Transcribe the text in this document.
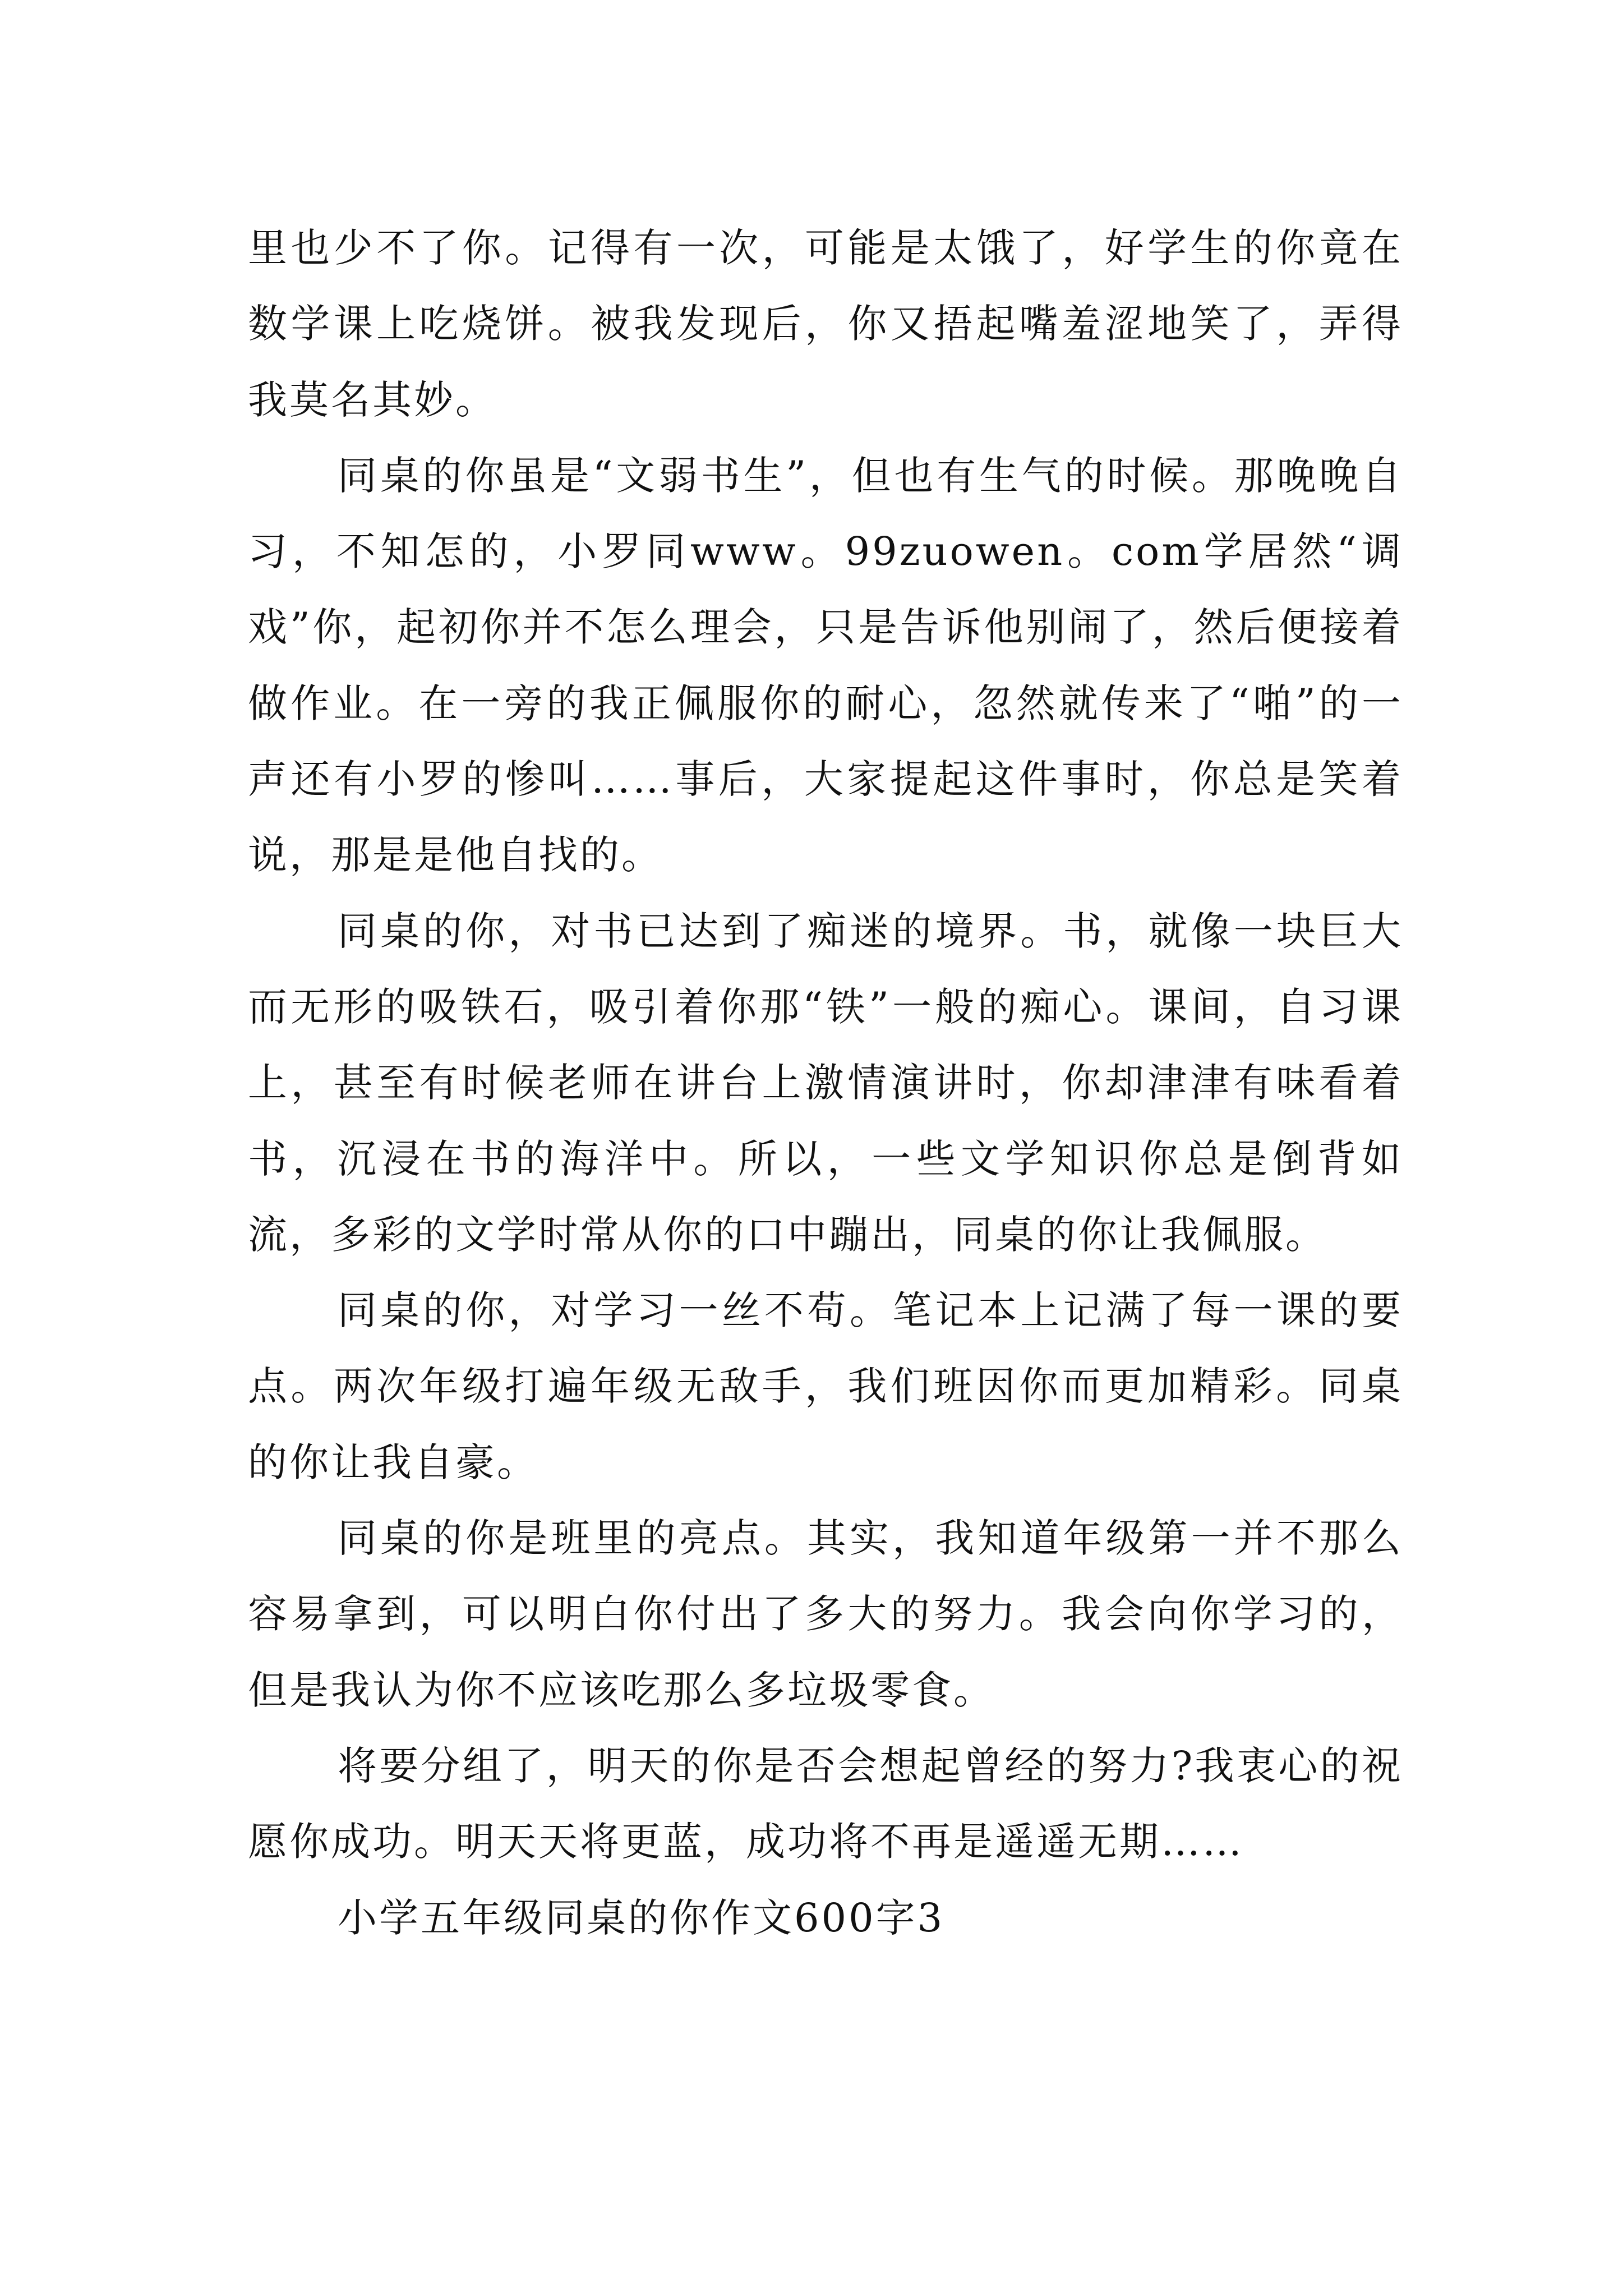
里也少不了你。记得有一次，可能是太饿了，好学生的你竟在数学课上吃烧饼。被我发现后，你又捂起嘴羞涩地笑了，弄得我莫名其妙。

同桌的你虽是“文弱书生”，但也有生气的时候。那晚晚自习，不知怎的，小罗同www。99zuowen。com学居然“调戏”你，起初你并不怎么理会，只是告诉他别闹了，然后便接着做作业。在一旁的我正佩服你的耐心，忽然就传来了“啪”的一声还有小罗的惨叫……事后，大家提起这件事时，你总是笑着说，那是是他自找的。

同桌的你，对书已达到了痴迷的境界。书，就像一块巨大而无形的吸铁石，吸引着你那“铁”一般的痴心。课间，自习课上，甚至有时候老师在讲台上激情演讲时，你却津津有味看着书，沉浸在书的海洋中。所以，一些文学知识你总是倒背如流，多彩的文学时常从你的口中蹦出，同桌的你让我佩服。

同桌的你，对学习一丝不苟。笔记本上记满了每一课的要点。两次年级打遍年级无敌手，我们班因你而更加精彩。同桌的你让我自豪。

同桌的你是班里的亮点。其实，我知道年级第一并不那么容易拿到，可以明白你付出了多大的努力。我会向你学习的，但是我认为你不应该吃那么多垃圾零食。

将要分组了，明天的你是否会想起曾经的努力?我衷心的祝愿你成功。明天天将更蓝，成功将不再是遥遥无期……

小学五年级同桌的你作文600字3
